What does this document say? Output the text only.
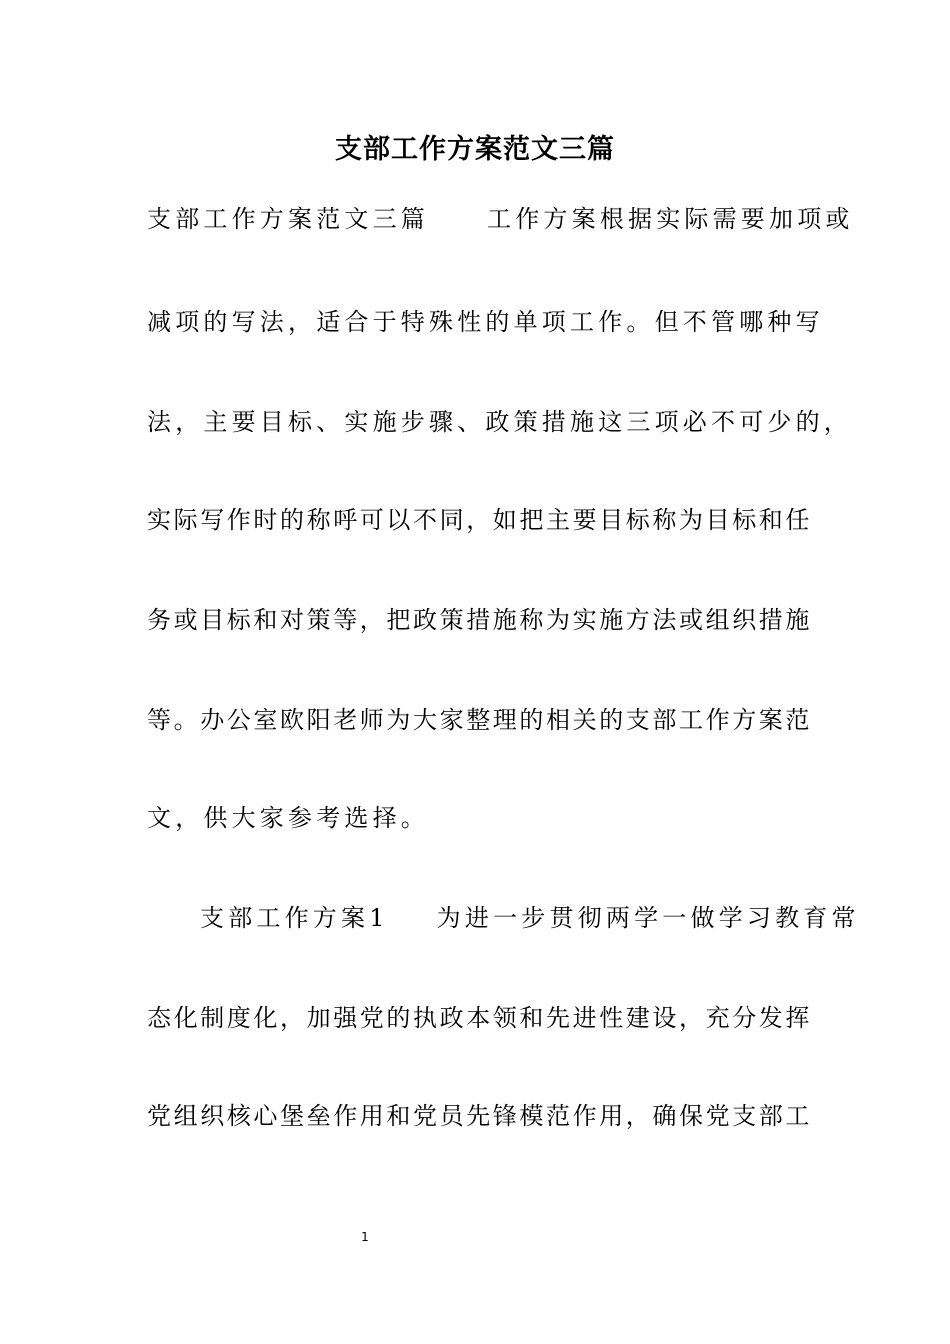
支部工作方案范文三篇
支部工作方案范文三篇 工作方案根据实际需要加项或
减项的写法，适合于特殊性的单项工作。但不管哪种写
法，主要目标、实施步骤、政策措施这三项必不可少的，
实际写作时的称呼可以不同，如把主要目标称为目标和任
务或目标和对策等，把政策措施称为实施方法或组织措施
等。办公室欧阳老师为大家整理的相关的支部工作方案范
文，供大家参考选择。
支部工作方案1 为进一步贯彻两学一做学习教育常
态化制度化，加强党的执政本领和先进性建设，充分发挥
党组织核心堡垒作用和党员先锋模范作用，确保党支部工
1
